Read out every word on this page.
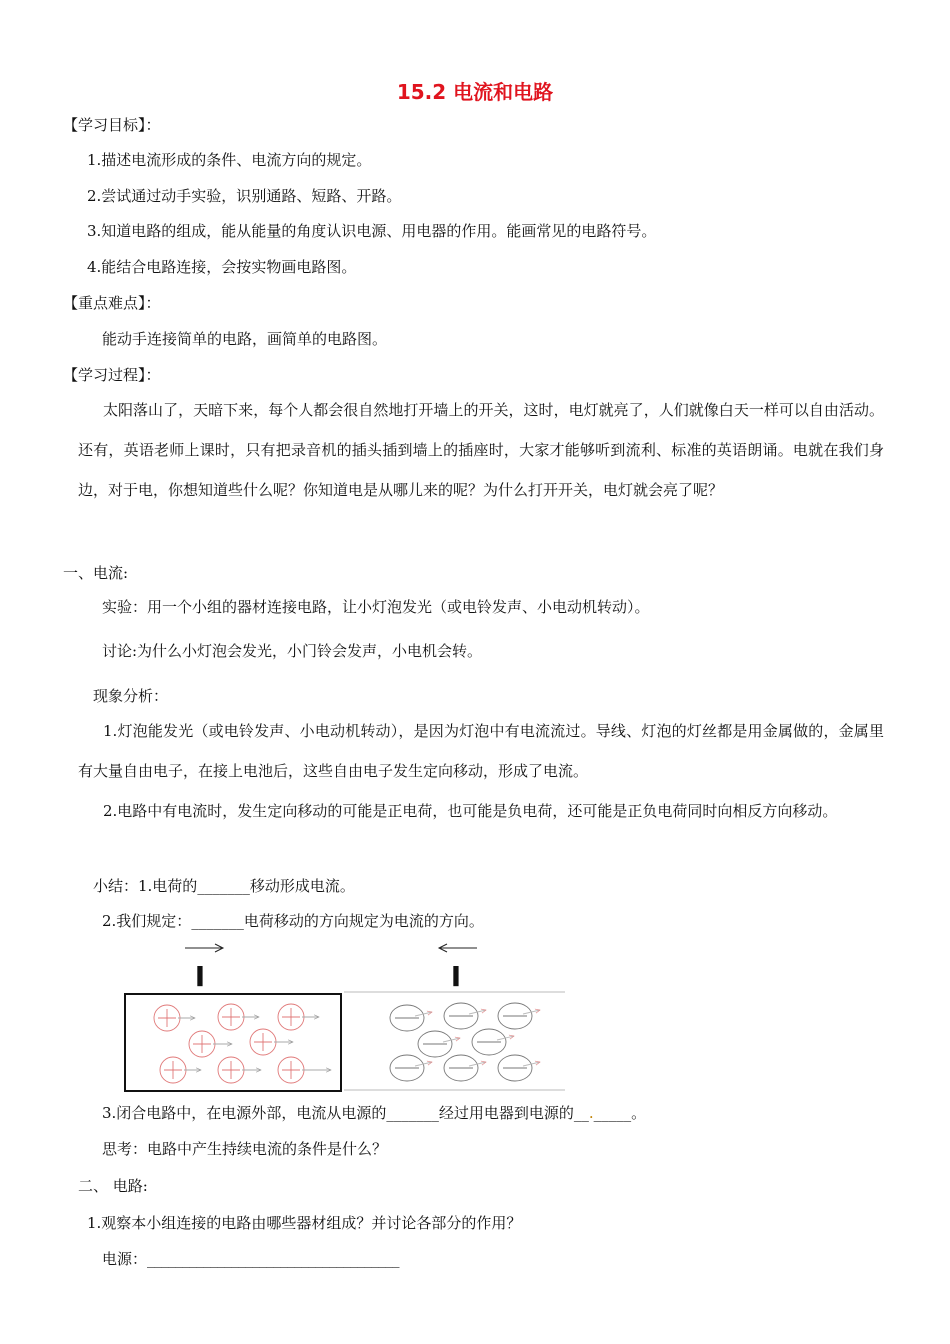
15.2 电流和电路
【学习目标】：
1.描述电流形成的条件、电流方向的规定。
2.尝试通过动手实验，识别通路、短路、开路。
3.知道电路的组成，能从能量的角度认识电源、用电器的作用。能画常见的电路符号。
4.能结合电路连接，会按实物画电路图。
【重点难点】：
能动手连接简单的电路，画简单的电路图。
【学习过程】：
太阳落山了，天暗下来，每个人都会很自然地打开墙上的开关，这时，电灯就亮了，人们就像白天一样可以自由活动。还有，英语老师上课时，只有把录音机的插头插到墙上的插座时，大家才能够听到流利、标准的英语朗诵。电就在我们身边，对于电，你想知道些什么呢？你知道电是从哪儿来的呢？为什么打开开关，电灯就会亮了呢？
一、电流:
实验：用一个小组的器材连接电路，让小灯泡发光（或电铃发声、小电动机转动）。
讨论:为什么小灯泡会发光，小门铃会发声，小电机会转。
现象分析：
1.灯泡能发光（或电铃发声、小电动机转动），是因为灯泡中有电流流过。导线、灯泡的灯丝都是用金属做的，金属里有大量自由电子，在接上电池后，这些自由电子发生定向移动，形成了电流。
2.电路中有电流时，发生定向移动的可能是正电荷，也可能是负电荷，还可能是正负电荷同时向相反方向移动。
小结：1.电荷的_______移动形成电流。
2.我们规定：_______电荷移动的方向规定为电流的方向。
I	I
3.闭合电路中，在电源外部，电流从电源的_______经过用电器到电源的__._____。
思考：电路中产生持续电流的条件是什么？
二、 电路:
1.观察本小组连接的电路由哪些器材组成？并讨论各部分的作用？
电源：____________________________________
